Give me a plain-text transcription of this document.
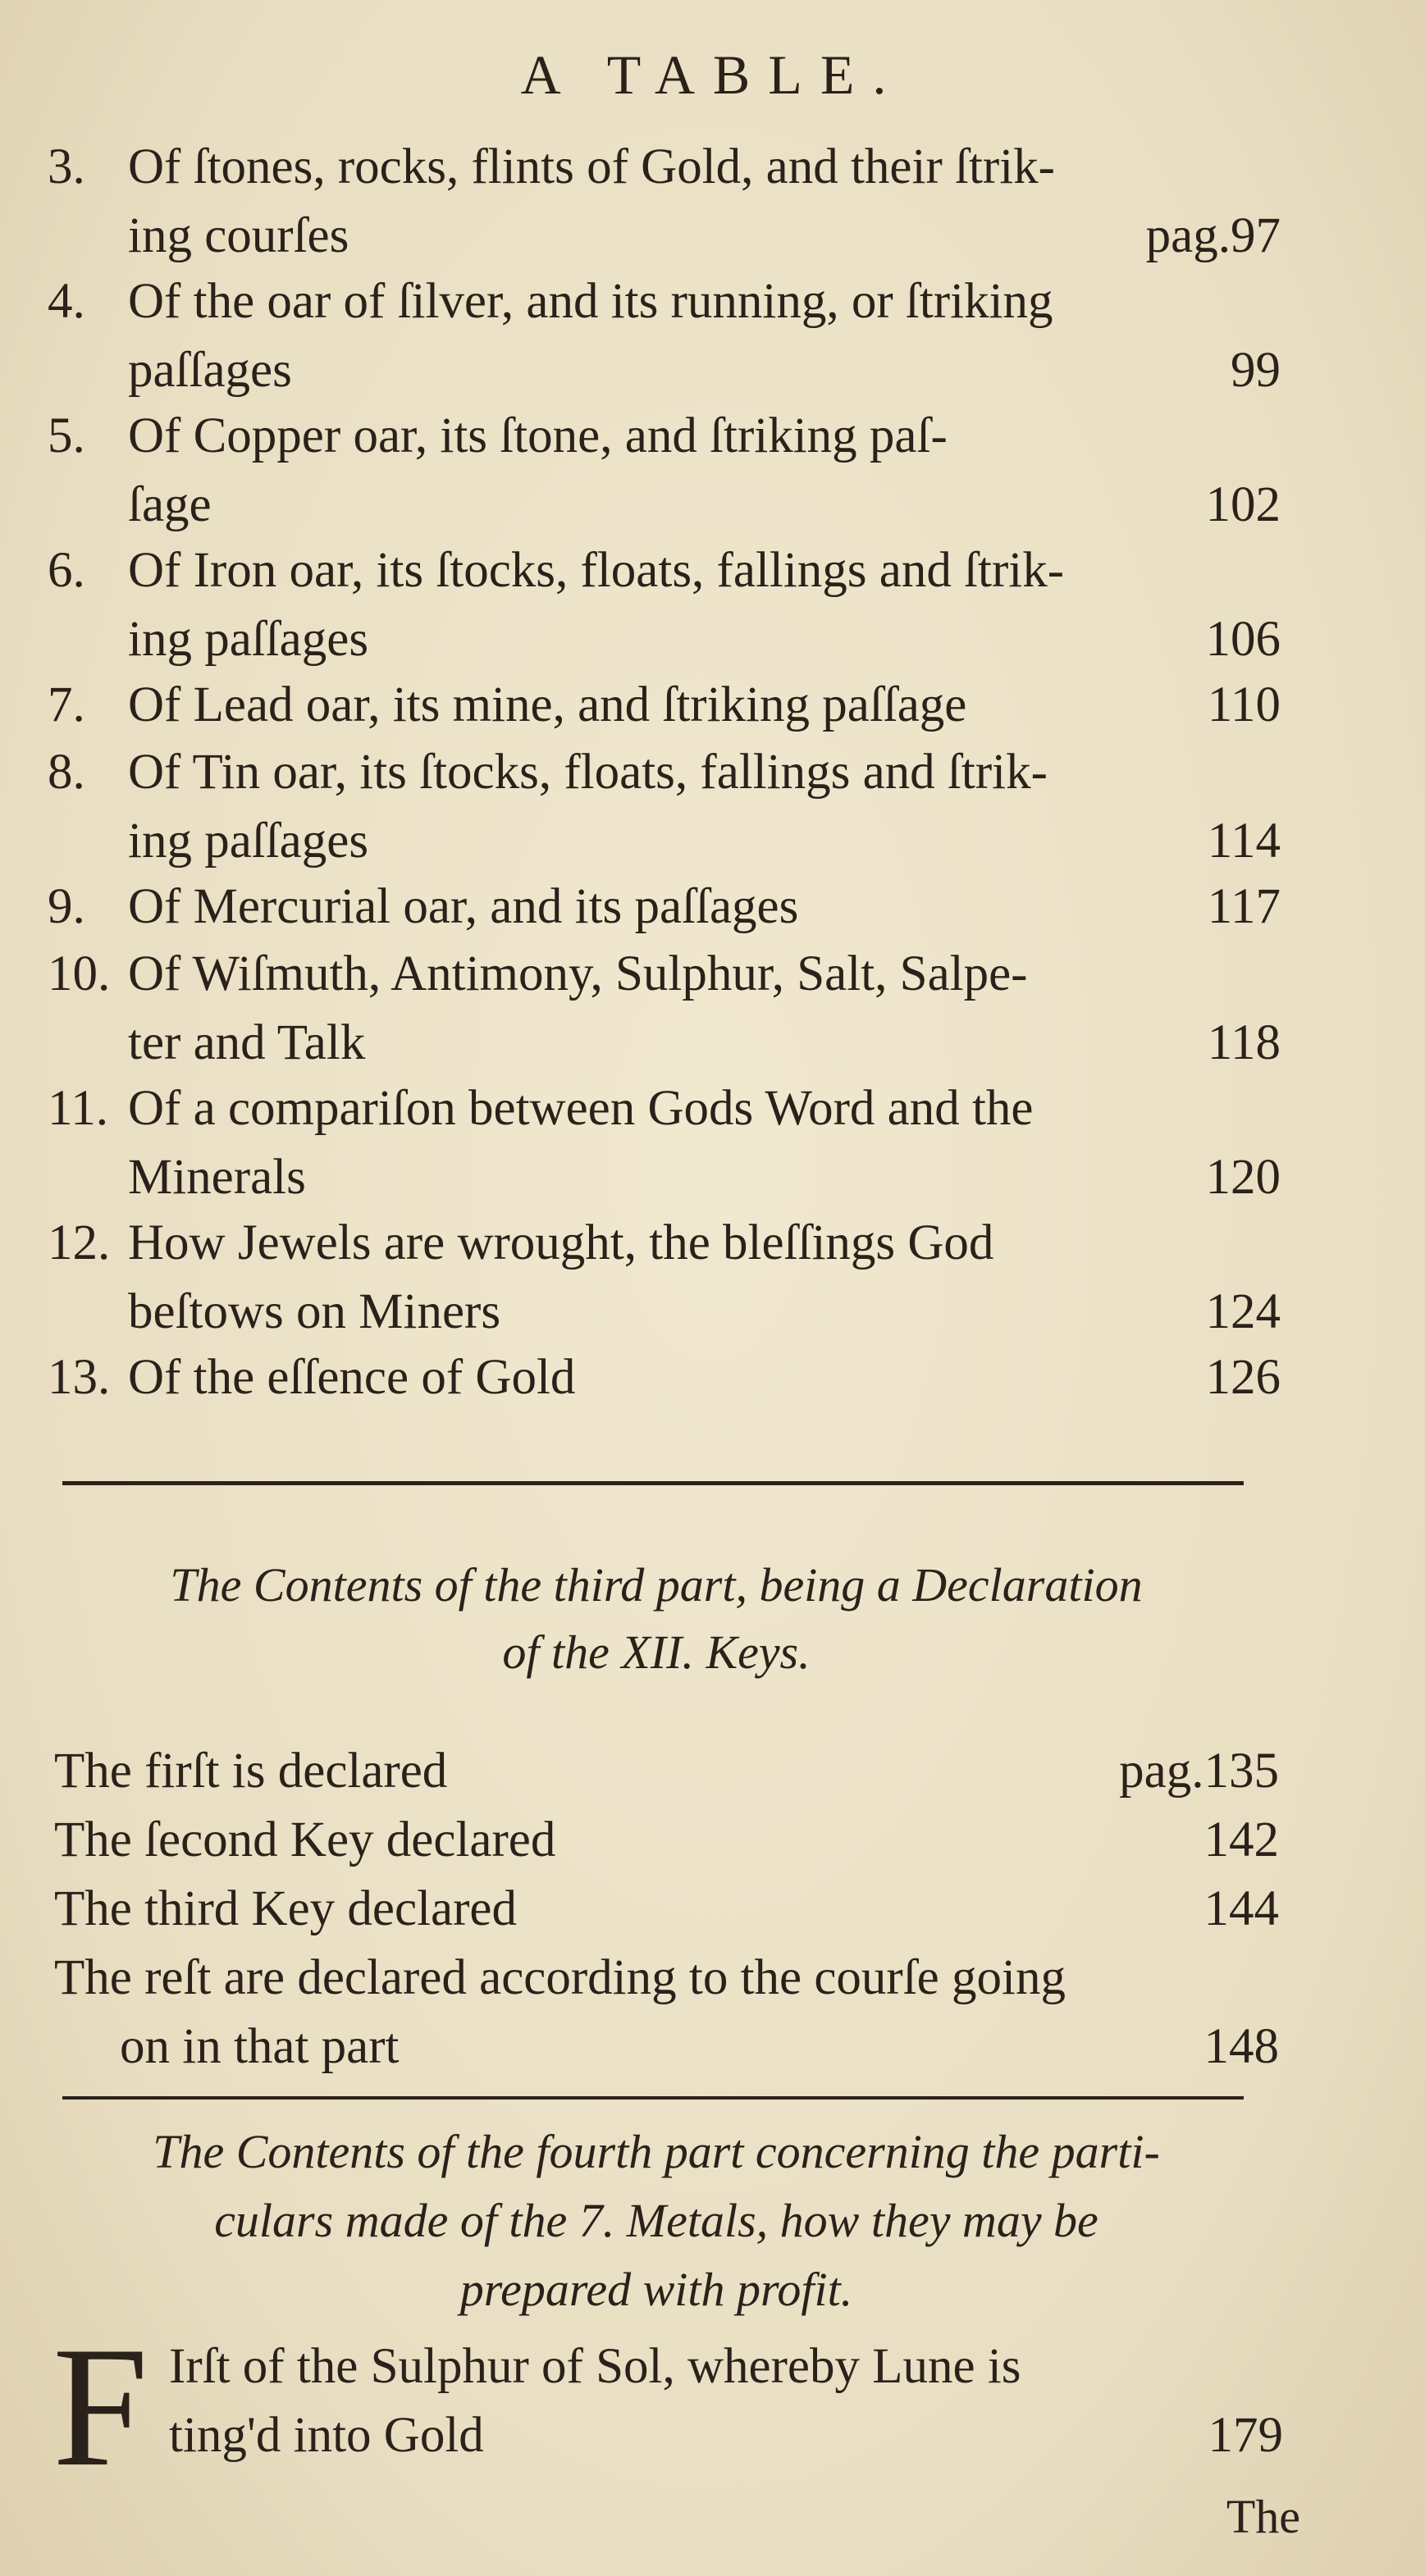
A TABLE.
3. Of ſtones, rocks, flints of Gold, and their ſtrik-
ing courſes	pag.97
4. Of the oar of ſilver, and its running, or ſtriking
paſſages	99
5. Of Copper oar, its ſtone, and ſtriking paſ-
ſage	102
6. Of Iron oar, its ſtocks, floats, fallings and ſtrik-
ing paſſages	106
7. Of Lead oar, its mine, and ſtriking paſſage	110
8. Of Tin oar, its ſtocks, floats, fallings and ſtrik-
ing paſſages	114
9. Of Mercurial oar, and its paſſages	117
10. Of Wiſmuth, Antimony, Sulphur, Salt, Salpe-
ter and Talk	118
11. Of a compariſon between Gods Word and the
Minerals	120
12. How Jewels are wrought, the bleſſings God
beſtows on Miners	124
13. Of the eſſence of Gold	126
The Contents of the third part, being a Declaration
of the XII. Keys.
The firſt is declared	pag.135
The ſecond Key declared	142
The third Key declared	144
The reſt are declared according to the courſe going
on in that part	148
The Contents of the fourth part concerning the parti-
culars made of the 7. Metals, how they may be
prepared with profit.
F Irſt of the Sulphur of Sol, whereby Lune is
ting'd into Gold	179
The
